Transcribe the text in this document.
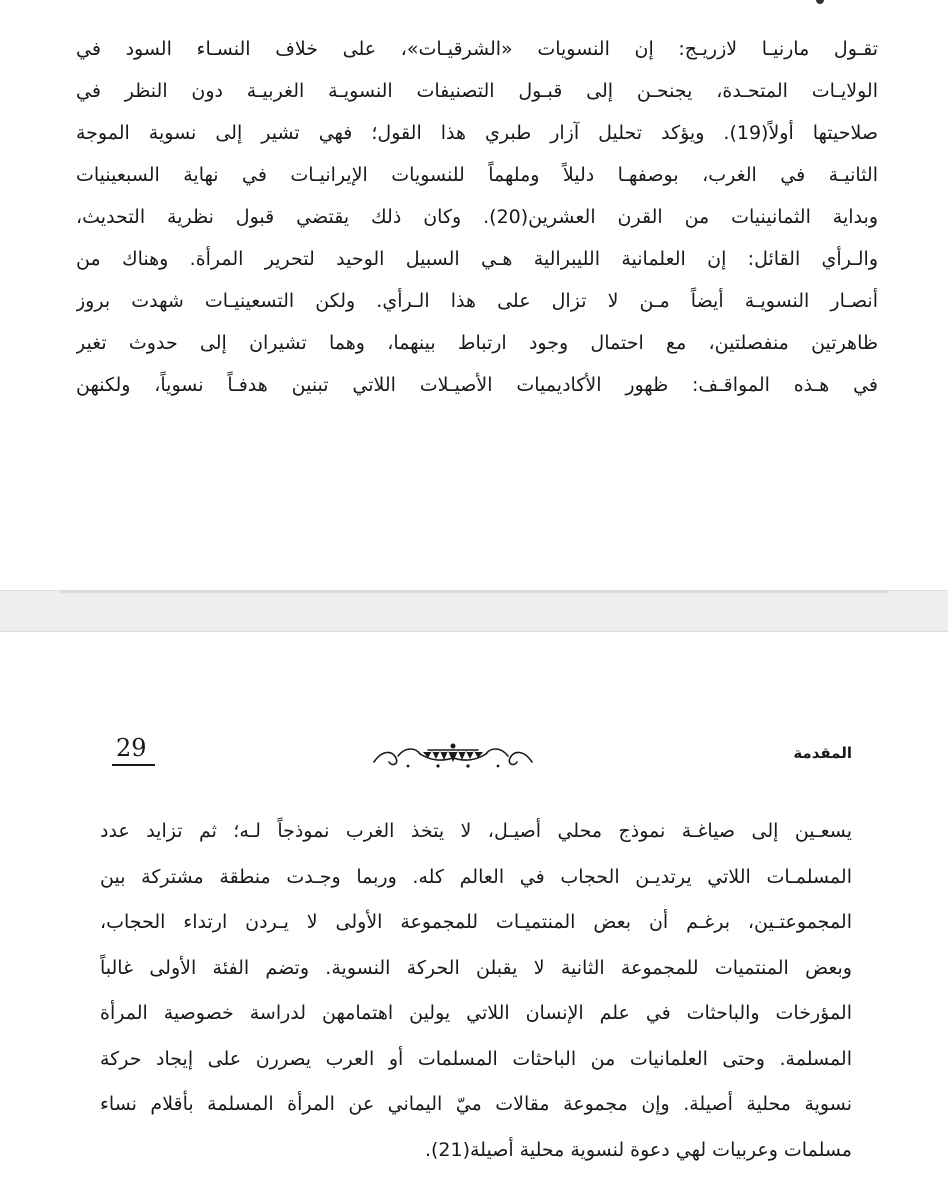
تقـول مارنيـا لازريـج: إن النسويات «الشرقيـات»، على خلاف النسـاء السود في
الولايـات المتحـدة، يجنحـن إلى قبـول التصنيفات النسويـة الغربيـة دون النظر في
صلاحيتها أولاً(19). ويؤكد تحليل آزار طبري هذا القول؛ فهي تشير إلى نسوية الموجة
الثانيـة في الغرب، بوصفهـا دليلاً وملهماً للنسويات الإيرانيـات في نهاية السبعينيات
وبداية الثمانينيات من القرن العشرين(20). وكان ذلك يقتضي قبول نظرية التحديث،
والـرأي القائل: إن العلمانية الليبرالية هـي السبيل الوحيد لتحرير المرأة. وهناك من
أنصـار النسويـة أيضاً مـن لا تزال على هذا الـرأي. ولكن التسعينيـات شهدت بروز
ظاهرتين منفصلتين، مع احتمال وجود ارتباط بينهما، وهما تشيران إلى حدوث تغير
في هـذه المواقـف: ظهور الأكاديميات الأصيـلات اللاتي تبنين هدفـاً نسوياً، ولكنهن
29	المقدمة
يسعـين إلى صياغـة نموذج محلي أصيـل، لا يتخذ الغرب نموذجاً لـه؛ ثم تزايد عدد
المسلمـات اللاتي يرتديـن الحجاب في العالم كله. وربما وجـدت منطقة مشتركة بين
المجموعتـين، برغـم أن بعض المنتميـات للمجموعة الأولى لا يـردن ارتداء الحجاب،
وبعض المنتميات للمجموعة الثانية لا يقبلن الحركة النسوية. وتضم الفئة الأولى غالباً
المؤرخات والباحثات في علم الإنسان اللاتي يولين اهتمامهن لدراسة خصوصية المرأة
المسلمة. وحتى العلمانيات من الباحثات المسلمات أو العرب يصررن على إيجاد حركة
نسوية محلية أصيلة. وإن مجموعة مقالات ميّ اليماني عن المرأة المسلمة بأقلام نساء
مسلمات وعربيات لهي دعوة لنسوية محلية أصيلة(21).
